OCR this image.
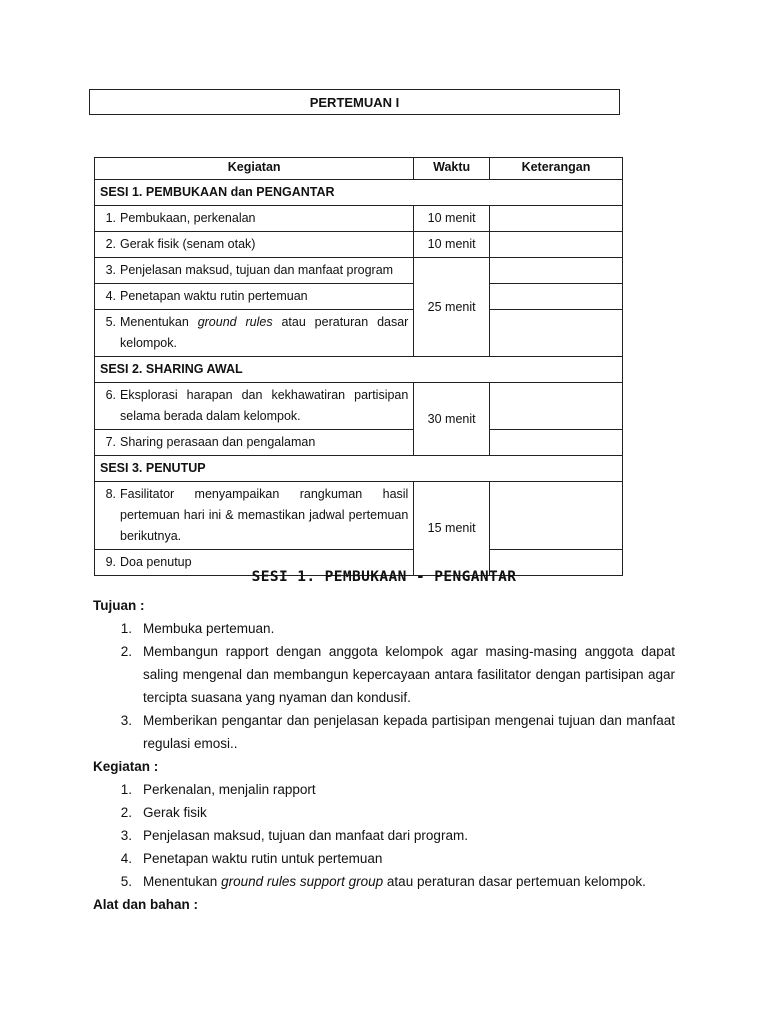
PERTEMUAN I
Kegiatan	Waktu	Keterangan
SESI 1. PEMBUKAAN dan PENGANTAR		

1. Pembukaan, perkenalan	10 menit	

2. Gerak fisik (senam otak)	10 menit	

3. Penjelasan maksud, tujuan dan manfaat program	25 menit	

4. Penetapan waktu rutin pertemuan		

5. Menentukan ground rules atau peraturan dasar kelompok.		

SESI 2. SHARING AWAL		

6. Eksplorasi harapan dan kekhawatiran partisipan selama berada dalam kelompok.	30 menit	

7. Sharing perasaan dan pengalaman		

SESI 3. PENUTUP		

8. Fasilitator menyampaikan rangkuman hasil pertemuan hari ini & memastikan jadwal pertemuan berikutnya.	15 menit	

9. Doa penutup		

SESI 1. PEMBUKAAN - PENGANTAR
Tujuan :
1. Membuka pertemuan.
2. Membangun rapport dengan anggota kelompok agar masing-masing anggota dapat saling mengenal dan membangun kepercayaan antara fasilitator dengan partisipan agar tercipta suasana yang nyaman dan kondusif.
3. Memberikan pengantar dan penjelasan kepada partisipan mengenai tujuan dan manfaat regulasi emosi..
Kegiatan :
1. Perkenalan, menjalin rapport
2. Gerak fisik
3. Penjelasan maksud, tujuan dan manfaat dari program.
4. Penetapan waktu rutin untuk pertemuan
5. Menentukan ground rules support group atau peraturan dasar pertemuan kelompok.
Alat dan bahan :
